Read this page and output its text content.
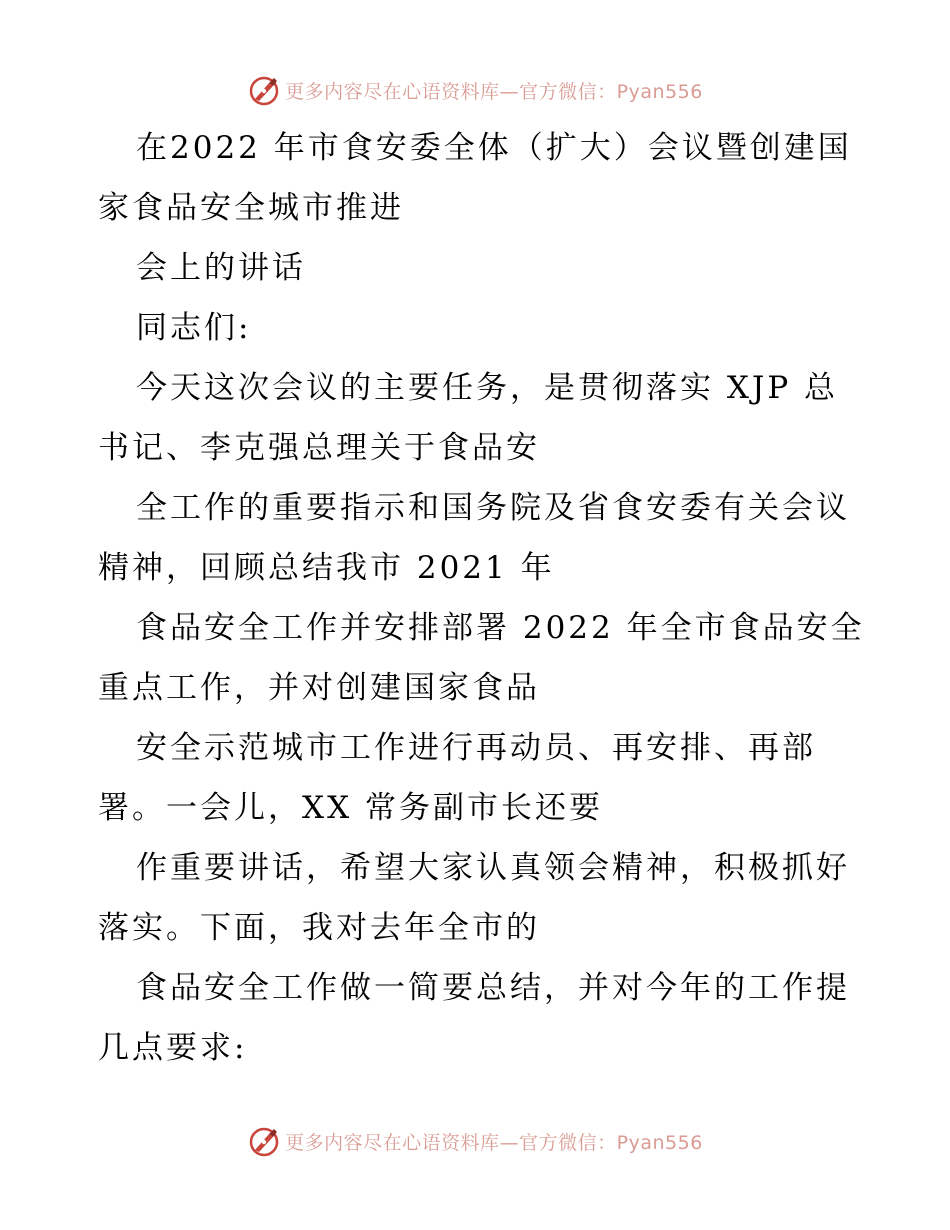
更多内容尽在心语资料库—官方微信：Pyan556

在2022 年市食安委全体（扩大）会议暨创建国

家食品安全城市推进

会上的讲话

同志们:

今天这次会议的主要任务，是贯彻落实 XJP 总

书记、李克强总理关于食品安

全工作的重要指示和国务院及省食安委有关会议

精神，回顾总结我市 2021 年

食品安全工作并安排部署 2022 年全市食品安全

重点工作，并对创建国家食品

安全示范城市工作进行再动员、再安排、再部

署。一会儿，XX 常务副市长还要

作重要讲话，希望大家认真领会精神，积极抓好

落实。下面，我对去年全市的

食品安全工作做一简要总结，并对今年的工作提

几点要求:

更多内容尽在心语资料库—官方微信：Pyan556
